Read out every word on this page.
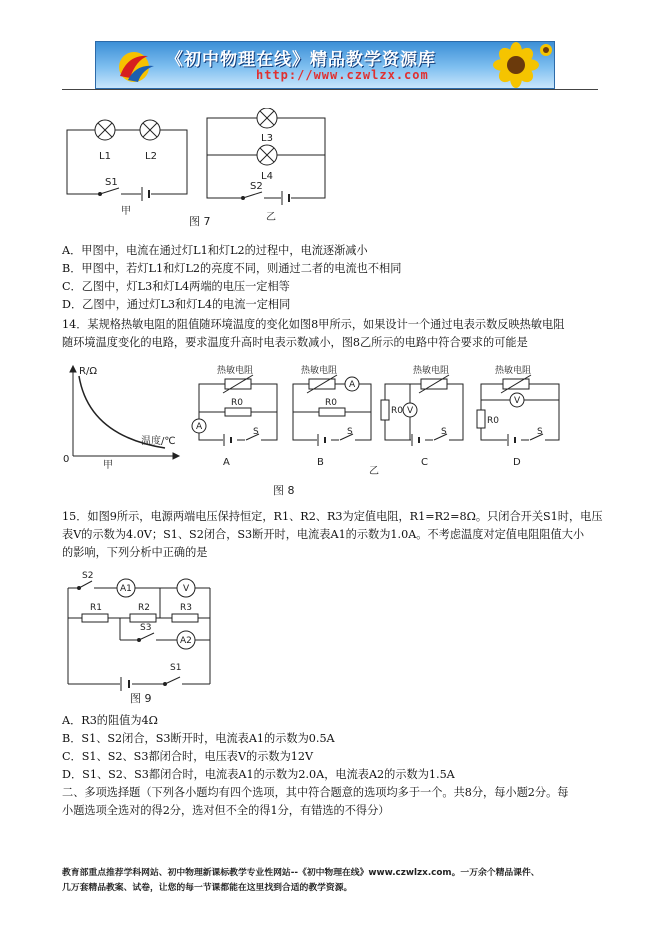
《初中物理在线》精品教学资源库
http://www.czwlzx.com
L1	L2
S1
甲
L3
L4
S2
乙
图 7
A．甲图中，电流在通过灯L1和灯L2的过程中，电流逐渐减小
B．甲图中，若灯L1和灯L2的亮度不同，则通过二者的电流也不相同
C．乙图中，灯L3和灯L4两端的电压一定相等
D．乙图中，通过灯L3和灯L4的电流一定相同
14．某规格热敏电阻的阻值随环境温度的变化如图8甲所示，如果设计一个通过电表示数反映热敏电阻
随环境温度变化的电路，要求温度升高时电表示数减小，图8乙所示的电路中符合要求的可能是
R/Ω
温度/℃
0
甲
乙
图 8
热敏电阻
R0
A	S
A
热敏电阻
A
R0
S
B
热敏电阻
R0 V
S
C
热敏电阻
V
R0
S
D
15．如图9所示，电源两端电压保持恒定，R1、R2、R3为定值电阻，R1=R2=8Ω。只闭合开关S1时，电压
表V的示数为4.0V；S1、S2闭合，S3断开时，电流表A1的示数为1.0A。不考虑温度对定值电阻阻值大小
的影响，下列分析中正确的是
S2
A1	V
R1	R2	R3
S3
A2
S1
图 9
A．R3的阻值为4Ω
B．S1、S2闭合，S3断开时，电流表A1的示数为0.5A
C．S1、S2、S3都闭合时，电压表V的示数为12V
D．S1、S2、S3都闭合时，电流表A1的示数为2.0A，电流表A2的示数为1.5A
二、多项选择题（下列各小题均有四个选项，其中符合题意的选项均多于一个。共8分，每小题2分。每
小题选项全选对的得2分，选对但不全的得1分，有错选的不得分）
教育部重点推荐学科网站、初中物理新课标教学专业性网站--《初中物理在线》www.czwlzx.com。一万余个精品课件、
几万套精品教案、试卷，让您的每一节课都能在这里找到合适的教学资源。
